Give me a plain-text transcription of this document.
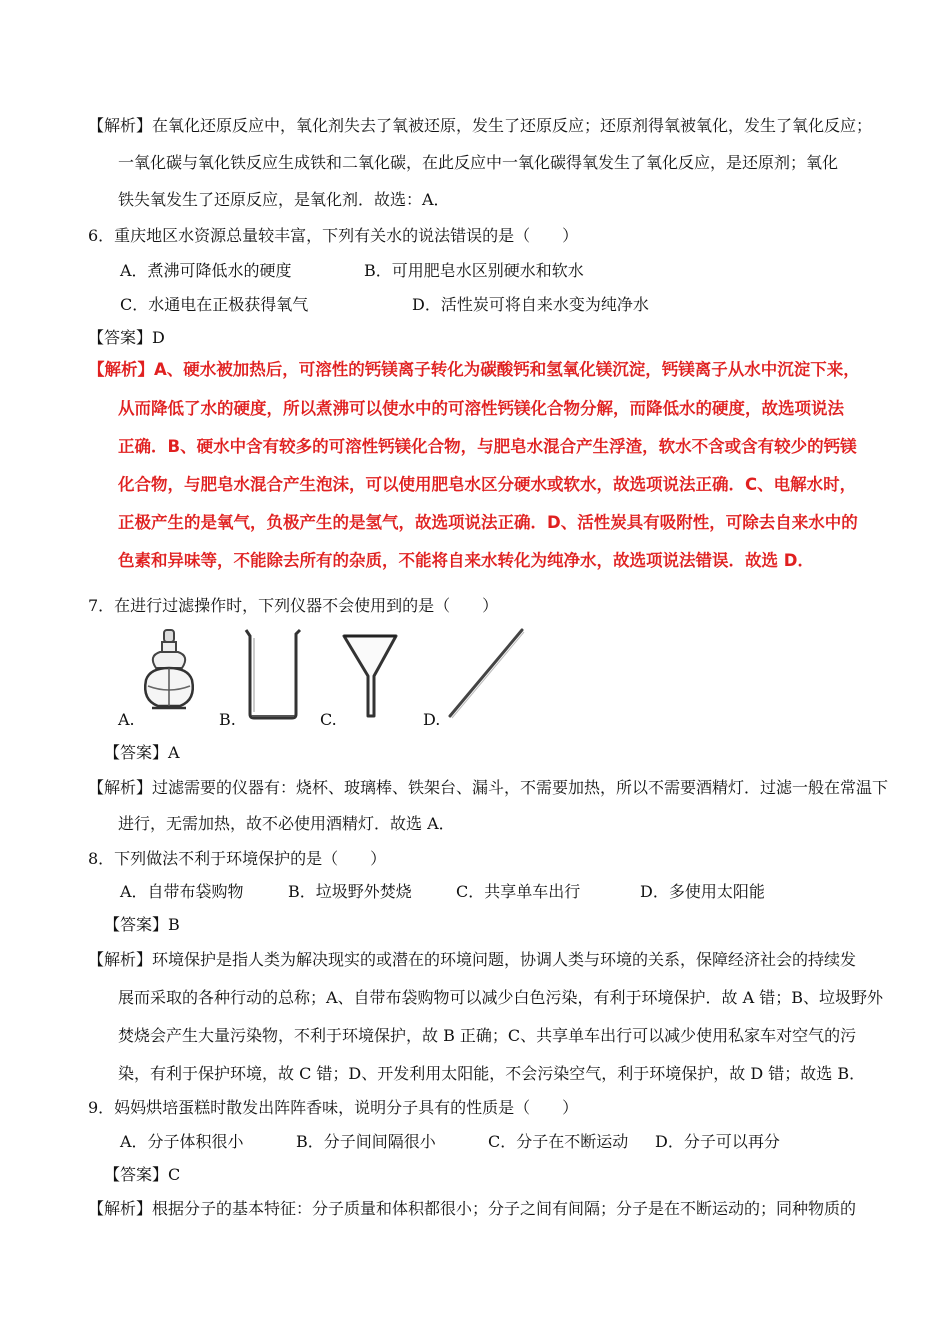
【解析】在氧化还原反应中，氧化剂失去了氧被还原，发生了还原反应；还原剂得氧被氧化，发生了氧化反应；
一氧化碳与氧化铁反应生成铁和二氧化碳，在此反应中一氧化碳得氧发生了氧化反应，是还原剂；氧化
铁失氧发生了还原反应，是氧化剂．故选：A．
6．重庆地区水资源总量较丰富，下列有关水的说法错误的是（　　）
A．煮沸可降低水的硬度	B．可用肥皂水区别硬水和软水
C．水通电在正极获得氧气	D．活性炭可将自来水变为纯净水
【答案】D
【解析】A、硬水被加热后，可溶性的钙镁离子转化为碳酸钙和氢氧化镁沉淀，钙镁离子从水中沉淀下来，
从而降低了水的硬度，所以煮沸可以使水中的可溶性钙镁化合物分解，而降低水的硬度，故选项说法
正确．B、硬水中含有较多的可溶性钙镁化合物，与肥皂水混合产生浮渣，软水不含或含有较少的钙镁
化合物，与肥皂水混合产生泡沫，可以使用肥皂水区分硬水或软水，故选项说法正确．C、电解水时，
正极产生的是氧气，负极产生的是氢气，故选项说法正确．D、活性炭具有吸附性，可除去自来水中的
色素和异味等，不能除去所有的杂质，不能将自来水转化为纯净水，故选项说法错误．故选 D．
7．在进行过滤操作时，下列仪器不会使用到的是（　　）
A.	B.	C.	D.
【答案】A
【解析】过滤需要的仪器有：烧杯、玻璃棒、铁架台、漏斗，不需要加热，所以不需要酒精灯．过滤一般在常温下
进行，无需加热，故不必使用酒精灯．故选 A．
8．下列做法不利于环境保护的是（　　）
A．自带布袋购物	B．垃圾野外焚烧	C．共享单车出行	D．多使用太阳能
【答案】B
【解析】环境保护是指人类为解决现实的或潜在的环境问题，协调人类与环境的关系，保障经济社会的持续发
展而采取的各种行动的总称；A、自带布袋购物可以减少白色污染，有利于环境保护．故 A 错；B、垃圾野外
焚烧会产生大量污染物，不利于环境保护，故 B 正确；C、共享单车出行可以减少使用私家车对空气的污
染，有利于保护环境，故 C 错；D、开发利用太阳能，不会污染空气，利于环境保护，故 D 错；故选 B．
9．妈妈烘培蛋糕时散发出阵阵香味，说明分子具有的性质是（　　）
A．分子体积很小	B．分子间间隔很小	C．分子在不断运动 D．分子可以再分
【答案】C
【解析】根据分子的基本特征：分子质量和体积都很小；分子之间有间隔；分子是在不断运动的；同种物质的
